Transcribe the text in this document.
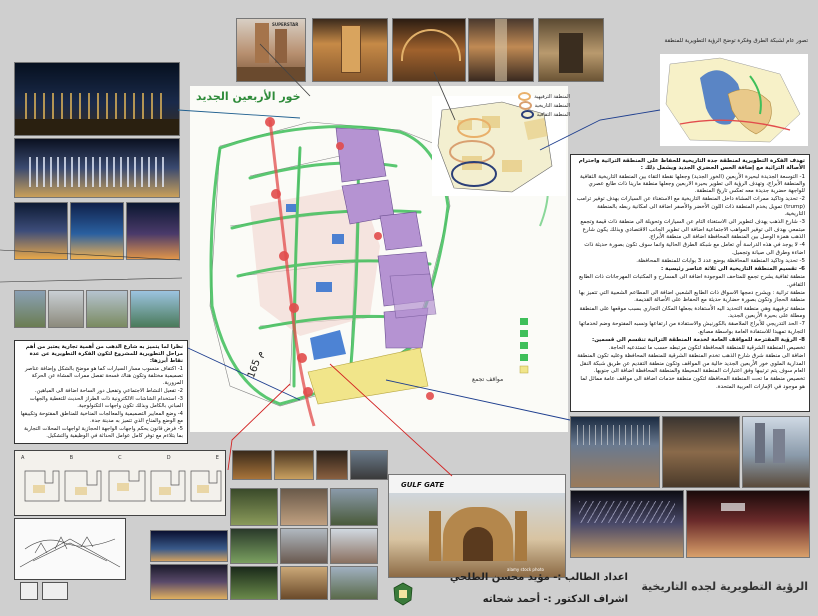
SUPERSTAR

نظرا لما يتميز به شارع الذهب من أهمية تجارية يعتبر من أهم مراحل التطويرية للمشروع لتكون الفكرة التطويرية عن عدة نقاط أبرزها:

1- اكتفاف منسوب مسار السيارات كما هو موضح بالشكل وإضافة عناصر تصميمية مختلفة وتكون هناك فسحة تفصل ممرات المشاة عن الحركة المرورية.

2- تفعيل النشاط الاجتماعي وتفعيل دور الساحة اضافة الى المياهين.

3- استخدام الشاشات الالكترونية ذات الطراز الحديث للتغطية والجهات المباني بالكامل وبذلك تكون واجهات التكنولوجية.

4- وضع المعايير التصميمية والمعالجات المناخية للمناطق المفتوحة وتكييفها مع الوضع والمناخ الذي تتميز به مدينة جدة.

5- فرض قانون يحكم واجهات الواجهة الحجازية لواجهات المحلات التجارية بما يتلاءم مع توفر كامل عوامل الحداثة في الوظيفية والتشكيل.

A	B	C	D	E
خور الأربعين الجديد
165 م
مواقف تجمع
المنطقة الترفيهية
المنطقة التاريخية
المنطقة الثقافية
تصور عام لشبكة الطرق وفكرة توضح الرؤية التطويرية للمنطقة

تهدف الفكرة التطويرية لمنطقة جدة التاريخية للحفاظ على المنطقة التراثية واحترام الأصالة التراثية مع إضافة الحس الحضري الجديد ويشمل ذلك :

1- التوسعة الجديدة لبحيرة الأربعين (الخور الجديد) وجعلها نقطة التقاء بين المنطقة التاريخية الثقافية والمنطقة الأبراج، وتهدف الرؤية الى تطوير بحيرة الاربعين وجعلها منطقة مارينا ذات طابع عصري للواجهة حضرية جديدة معه تعكس تاريخ المنطقة.

2- تحديد وتاكيد ممرات المشاة داخل المنطقة التاريخية مع الاستغناء عن السيارات بهدف توفير ترامب (trump) تمويل يخدم المنطقة ذات اللون الأخضر والأصفر اضافة الى امكانية ربطه بالمنطقة التاريخية.

3- شارع الذهب يهدف لتطوير الى الاستغناء التام عن السيارات وتحويلة الى منطقة ذات قيمة وتجمع مبتمعي بهدف الى توفير المواهب الاجتماعية اضافة الى تطوير الجانب الاقتصادي وبذلك يكون شارع الذهب همزة الوصل بين المنطقة المحافظة اضافة الى منطقة الأبراج.

4- لا يوجد في هذه الدراسة أي تعامل مع شبكة الطرق الحالية وانما سوف تكون بصورة حديثة ذات اضاءة وطرق الى صيانة وتجميل.

5- تحديد وتاكيد المنطقة المحافظة بوضع عدد 3 بوابات للمنطقة المحافظة.

6- تقسيم المنطقة التاريخية الى ثلاثة عناصر رئيسية :

منطقة ثقافية يشرح تجمع للمتاحف الموجودة اضافة الى المسارح و المكتبات المهرجانات ذات الطابع الثقافي.

منطقة تراثية : ويشرح دمجها الاسواق ذات الطابع الشعبي اضافة الى المطاعم الشعبية التي تتميز بها منطقة الحجاز وتكون بصورة حضارية حديثة مع الحفاظ على الأصالة القديمة.

منطقة ترفيهية وهي منطقة التحديد اليه الأستفادة بجعلها المكان التجاري بسبب موقعها على المنطقة ومطلة على بحيرة الأربعين الجديد.

7- الحد التدريجي للأبراج الملاصقة بالكورنيش والاستفادة من ارتفاعها ونسبه المفتوحة وضم لخدماتها التجارية تمهيدا للاستفادة العامة بواسطة مصانع.

8- الرؤية المقترحة للمواقف العامة لخدمة المنطقة التراثية تنقسم الى قسمين:

تخصيص المنطقة الشرقية للمنطقة المحافظة لتكون مرتبطه حسب ما تستدعيه الحاجة.

اضافة الى منطقة شرق شارع الذهب تخدم المنطقة الشرقية للمنطقة المحافظة وعليه تكون المنطقة المدارية الملوي خور الأربعين الجديد خالية من المواقف وتكون منطقة التقديم عن طريق شبكة النقل العام سوف يتم ترتيبها وفق اعتبارات المنطقة المحيطة والمنطقة المحافظة اضافة الى جنوبها.

تخصيص منطقة ما تحت المنطقة المحافظة لتكون منطقة خدمات اضافة الى مواقف عامة مماثل لما هو موجود في الإمارات العربية المتحدة.

GULF GATE
alamy stock photo
اعداد الطالب :- مؤيد محسن الطلحي
اشراف الدكتور :- أحمد شحاته
الرؤية التطويرية لجده التاريخية
